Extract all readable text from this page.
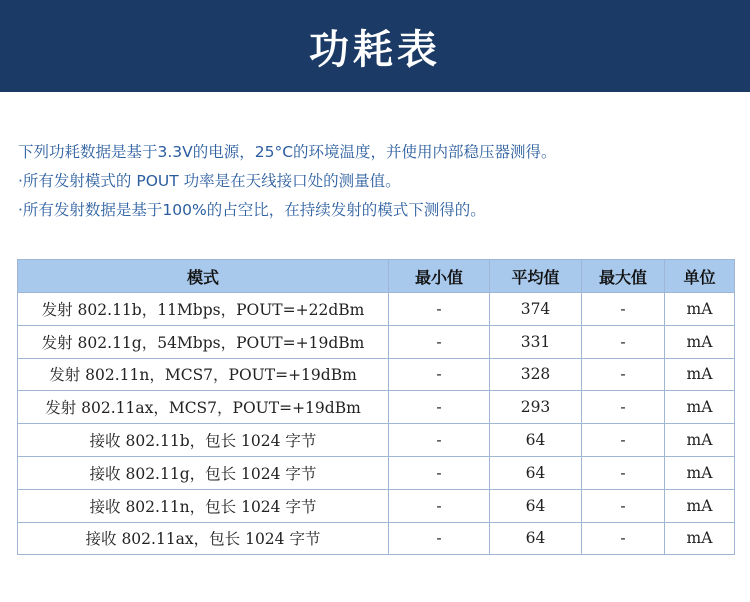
功耗表
下列功耗数据是基于3.3V的电源，25°C的环境温度，并使用内部稳压器测得。
·所有发射模式的 POUT 功率是在天线接口处的测量值。
·所有发射数据是基于100%的占空比，在持续发射的模式下测得的。
模式	最小值	平均值	最大值	单位
发射 802.11b，11Mbps，POUT=+22dBm	-	374	-	mA
发射 802.11g，54Mbps，POUT=+19dBm	-	331	-	mA
发射 802.11n，MCS7，POUT=+19dBm	-	328	-	mA
发射 802.11ax，MCS7，POUT=+19dBm	-	293	-	mA
接收 802.11b，包长 1024 字节	-	64	-	mA
接收 802.11g，包长 1024 字节	-	64	-	mA
接收 802.11n，包长 1024 字节	-	64	-	mA
接收 802.11ax，包长 1024 字节	-	64	-	mA
